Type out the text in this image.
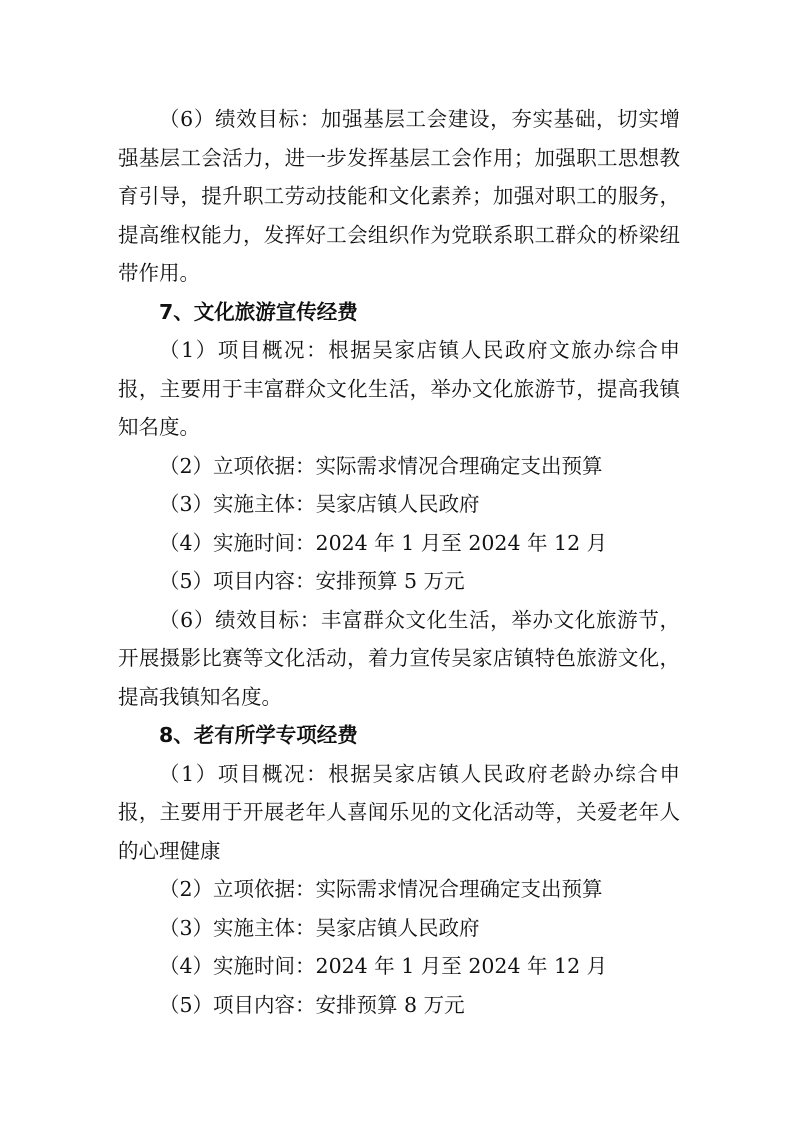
（6）绩效目标：加强基层工会建设，夯实基础，切实增强基层工会活力，进一步发挥基层工会作用；加强职工思想教育引导，提升职工劳动技能和文化素养；加强对职工的服务，提高维权能力，发挥好工会组织作为党联系职工群众的桥梁纽带作用。

7、文化旅游宣传经费

（1）项目概况：根据吴家店镇人民政府文旅办综合申报，主要用于丰富群众文化生活，举办文化旅游节，提高我镇知名度。

（2）立项依据：实际需求情况合理确定支出预算

（3）实施主体：吴家店镇人民政府

（4）实施时间：2024 年 1 月至 2024 年 12 月

（5）项目内容：安排预算 5 万元

（6）绩效目标：丰富群众文化生活，举办文化旅游节，开展摄影比赛等文化活动，着力宣传吴家店镇特色旅游文化，提高我镇知名度。

8、老有所学专项经费

（1）项目概况：根据吴家店镇人民政府老龄办综合申报，主要用于开展老年人喜闻乐见的文化活动等，关爱老年人的心理健康

（2）立项依据：实际需求情况合理确定支出预算

（3）实施主体：吴家店镇人民政府

（4）实施时间：2024 年 1 月至 2024 年 12 月

（5）项目内容：安排预算 8 万元
